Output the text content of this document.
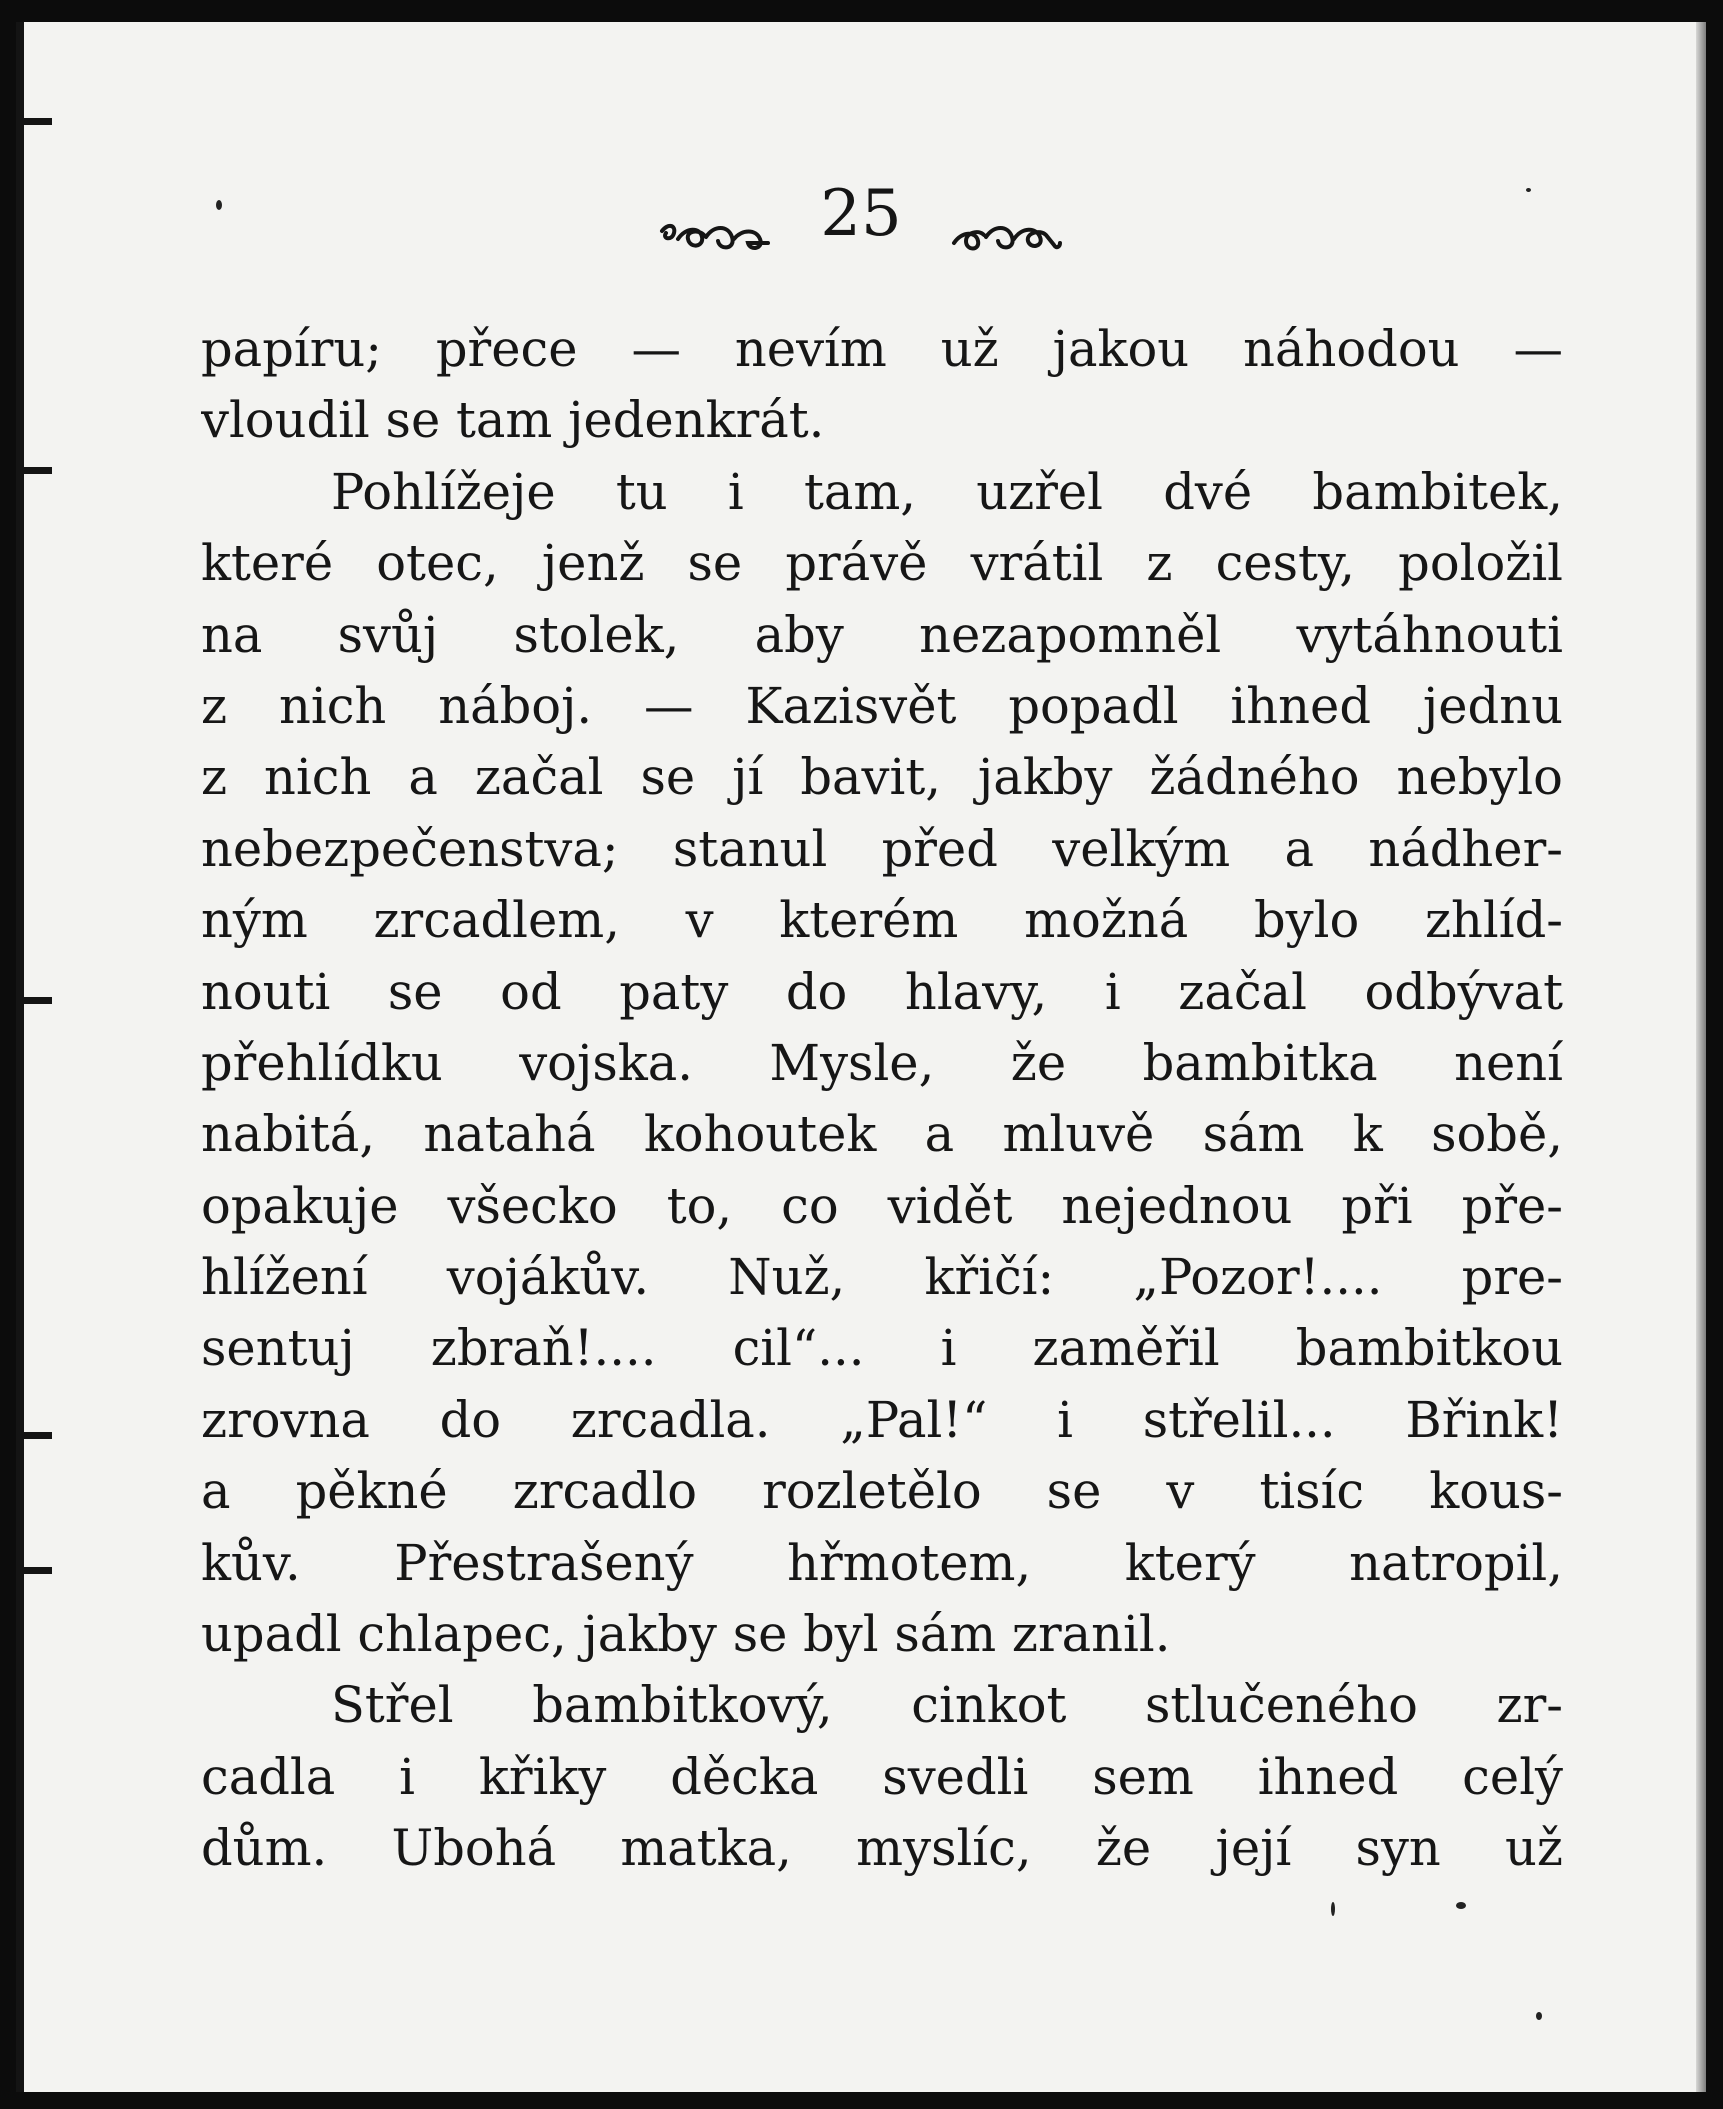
25
papíru; přece — nevím už jakou náhodou —
vloudil se tam jedenkrát.
Pohlížeje tu i tam, uzřel dvé bambitek,
které otec, jenž se právě vrátil z cesty, položil
na svůj stolek, aby nezapomněl vytáhnouti
z nich náboj. — Kazisvět popadl ihned jednu
z nich a začal se jí bavit, jakby žádného nebylo
nebezpečenstva; stanul před velkým a nádher-
ným zrcadlem, v kterém možná bylo zhlíd-
nouti se od paty do hlavy, i začal odbývat
přehlídku vojska. Mysle, že bambitka není
nabitá, natahá kohoutek a mluvě sám k sobě,
opakuje všecko to, co vidět nejednou při pře-
hlížení vojákův. Nuž, křičí: „Pozor!.... pre-
sentuj zbraň!.... cil“... i zaměřil bambitkou
zrovna do zrcadla. „Pal!“ i střelil... Břink!
a pěkné zrcadlo rozletělo se v tisíc kous-
kův. Přestrašený hřmotem, který natropil,
upadl chlapec, jakby se byl sám zranil.
Střel bambitkový, cinkot stlučeného zr-
cadla i křiky děcka svedli sem ihned celý
dům. Ubohá matka, myslíc, že její syn už
